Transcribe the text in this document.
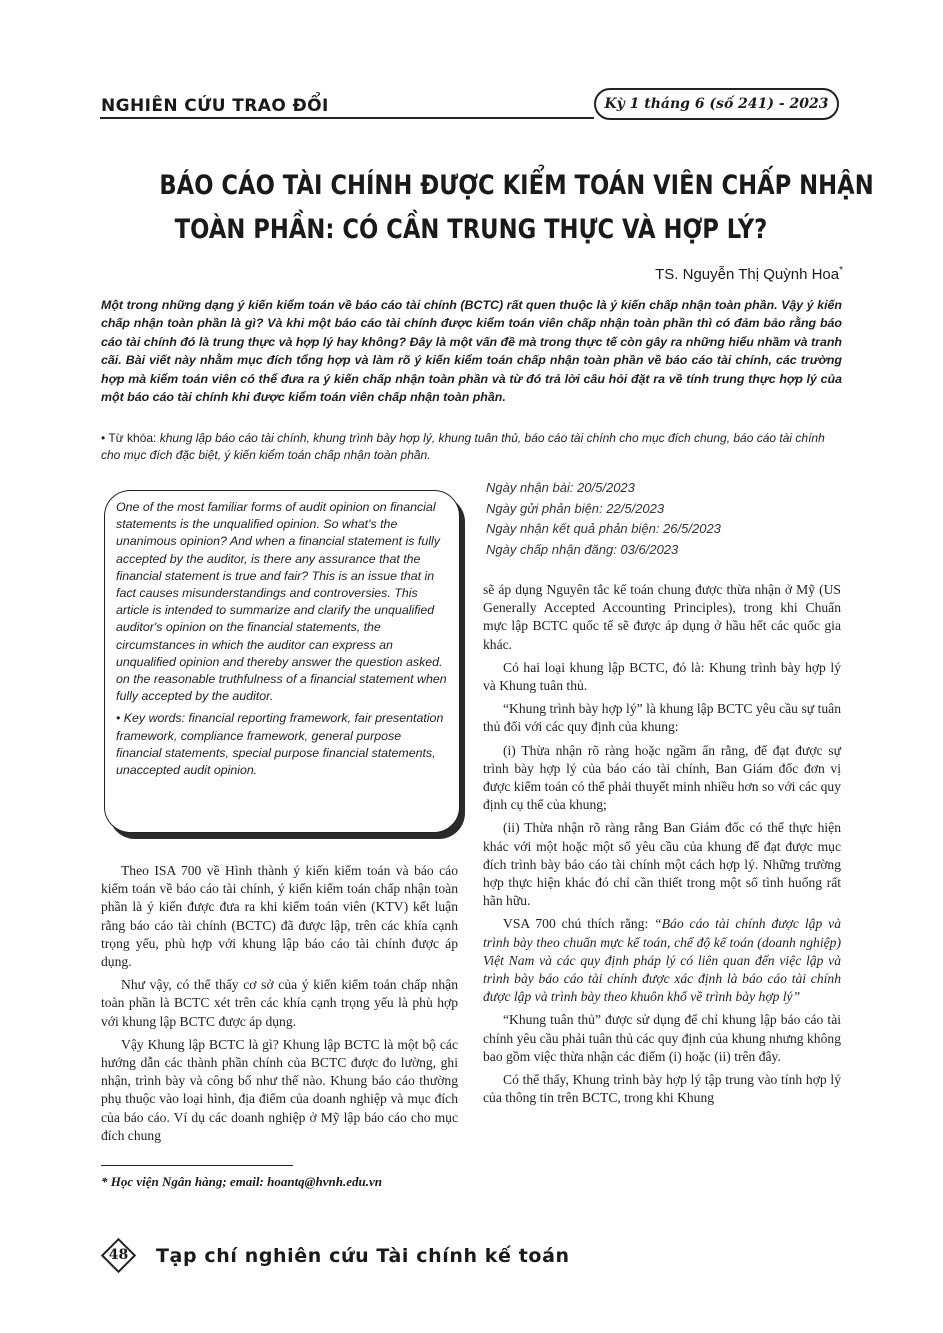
NGHIÊN CỨU TRAO ĐỔI	Kỳ 1 tháng 6 (số 241) - 2023
BÁO CÁO TÀI CHÍNH ĐƯỢC KIỂM TOÁN VIÊN CHẤP NHẬN
TOÀN PHẦN: CÓ CẦN TRUNG THỰC VÀ HỢP LÝ?
TS. Nguyễn Thị Quỳnh Hoa*
Một trong những dạng ý kiến kiểm toán về báo cáo tài chính (BCTC) rất quen thuộc là ý kiến chấp nhận toàn phần. Vậy ý kiến chấp nhận toàn phần là gì? Và khi một báo cáo tài chính được kiểm toán viên chấp nhận toàn phần thì có đảm bảo rằng báo cáo tài chính đó là trung thực và hợp lý hay không? Đây là một vấn đề mà trong thực tế còn gây ra những hiểu nhầm và tranh cãi. Bài viết này nhằm mục đích tổng hợp và làm rõ ý kiến kiểm toán chấp nhận toàn phần về báo cáo tài chính, các trường hợp mà kiểm toán viên có thể đưa ra ý kiến chấp nhận toàn phần và từ đó trả lời câu hỏi đặt ra về tính trung thực hợp lý của một báo cáo tài chính khi được kiểm toán viên chấp nhận toàn phần.
• Từ khóa: khung lập báo cáo tài chính, khung trình bày hợp lý, khung tuân thủ, báo cáo tài chính cho mục đích chung, báo cáo tài chính cho mục đích đặc biệt, ý kiến kiểm toán chấp nhận toàn phần.

One of the most familiar forms of audit opinion on financial statements is the unqualified opinion. So what's the unanimous opinion? And when a financial statement is fully accepted by the auditor, is there any assurance that the financial statement is true and fair? This is an issue that in fact causes misunderstandings and controversies. This article is intended to summarize and clarify the unqualified auditor's opinion on the financial statements, the circumstances in which the auditor can express an unqualified opinion and thereby answer the question asked. on the reasonable truthfulness of a financial statement when fully accepted by the auditor.

• Key words: financial reporting framework, fair presentation framework, compliance framework, general purpose financial statements, special purpose financial statements, unaccepted audit opinion.

Ngày nhận bài: 20/5/2023
Ngày gửi phản biện: 22/5/2023
Ngày nhận kết quả phản biện: 26/5/2023
Ngày chấp nhận đăng: 03/6/2023

Theo ISA 700 về Hình thành ý kiến kiểm toán và báo cáo kiểm toán về báo cáo tài chính, ý kiến kiểm toán chấp nhận toàn phần là ý kiến được đưa ra khi kiểm toán viên (KTV) kết luận rằng báo cáo tài chính (BCTC) đã được lập, trên các khía cạnh trọng yếu, phù hợp với khung lập báo cáo tài chính được áp dụng.

Như vậy, có thể thấy cơ sở của ý kiến kiểm toán chấp nhận toàn phần là BCTC xét trên các khía cạnh trọng yếu là phù hợp với khung lập BCTC được áp dụng.

Vậy Khung lập BCTC là gì? Khung lập BCTC là một bộ các hướng dẫn các thành phần chính của BCTC được đo lường, ghi nhận, trình bày và công bố như thế nào. Khung báo cáo thường phụ thuộc vào loại hình, địa điểm của doanh nghiệp và mục đích của báo cáo. Ví dụ các doanh nghiệp ở Mỹ lập báo cáo cho mục đích chung

sẽ áp dụng Nguyên tắc kế toán chung được thừa nhận ở Mỹ (US Generally Accepted Accounting Principles), trong khi Chuẩn mực lập BCTC quốc tế sẽ được áp dụng ở hầu hết các quốc gia khác.

Có hai loại khung lập BCTC, đó là: Khung trình bày hợp lý và Khung tuân thủ.

“Khung trình bày hợp lý” là khung lập BCTC yêu cầu sự tuân thủ đối với các quy định của khung:

(i) Thừa nhận rõ ràng hoặc ngầm ẩn rằng, để đạt được sự trình bày hợp lý của báo cáo tài chính, Ban Giám đốc đơn vị được kiểm toán có thể phải thuyết minh nhiều hơn so với các quy định cụ thể của khung;

(ii) Thừa nhận rõ ràng rằng Ban Giám đốc có thể thực hiện khác với một hoặc một số yêu cầu của khung để đạt được mục đích trình bày báo cáo tài chính một cách hợp lý. Những trường hợp thực hiện khác đó chỉ cần thiết trong một số tình huống rất hãn hữu.

VSA 700 chú thích rằng: “Báo cáo tài chính được lập và trình bày theo chuẩn mực kế toán, chế độ kế toán (doanh nghiệp) Việt Nam và các quy định pháp lý có liên quan đến việc lập và trình bày báo cáo tài chính được xác định là báo cáo tài chính được lập và trình bày theo khuôn khổ về trình bày hợp lý”

“Khung tuân thủ” được sử dụng để chỉ khung lập báo cáo tài chính yêu cầu phải tuân thủ các quy định của khung nhưng không bao gồm việc thừa nhận các điểm (i) hoặc (ii) trên đây.

Có thể thấy, Khung trình bày hợp lý tập trung vào tính hợp lý của thông tin trên BCTC, trong khi Khung

* Học viện Ngân hàng; email: hoantq@hvnh.edu.vn
48	Tạp chí nghiên cứu Tài chính kế toán
